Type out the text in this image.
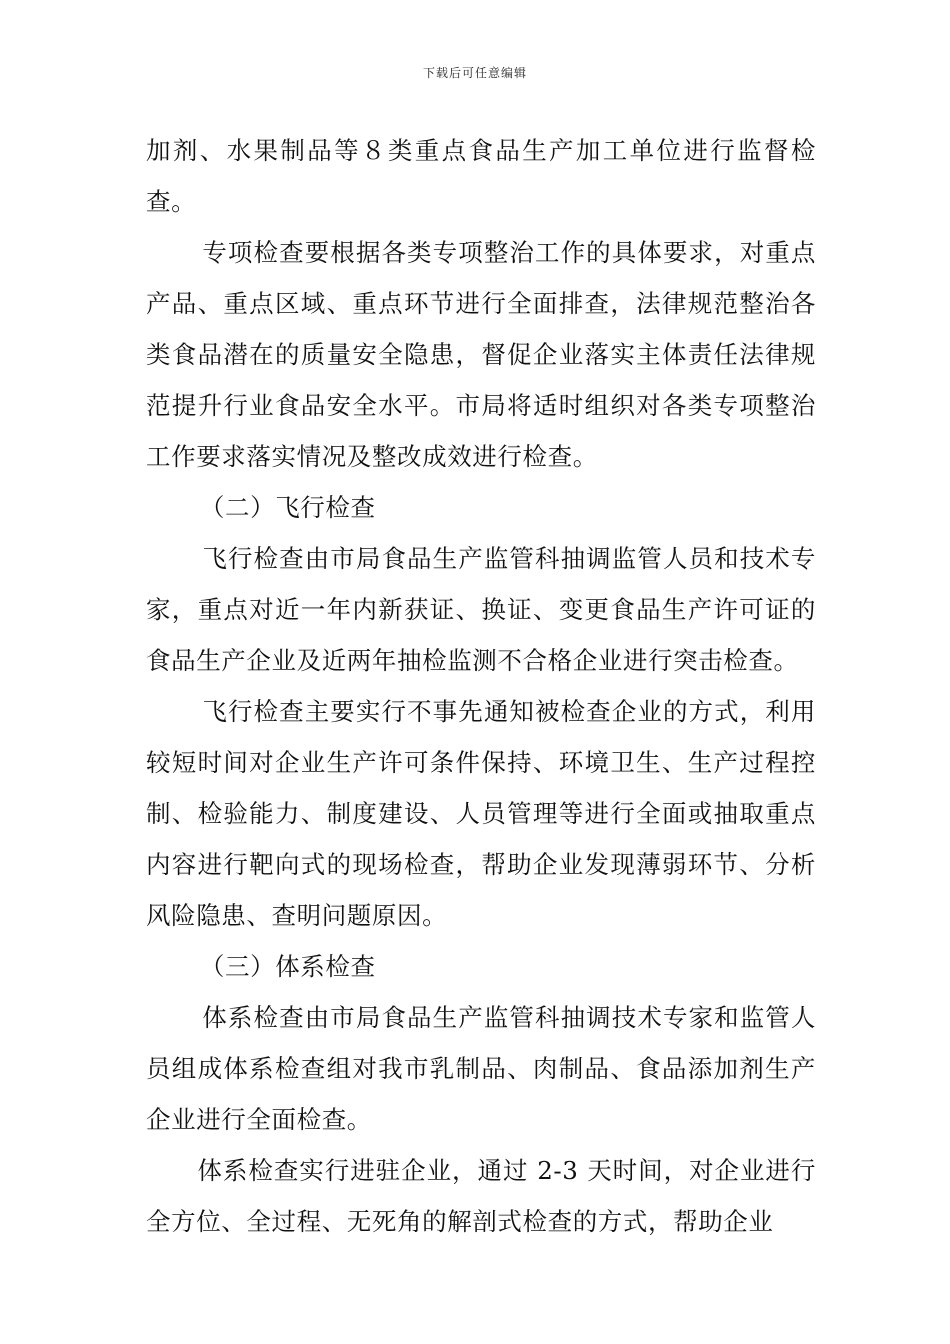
下载后可任意编辑

加剂、水果制品等８类重点食品生产加工单位进行监督检查。

专项检查要根据各类专项整治工作的具体要求，对重点产品、重点区域、重点环节进行全面排查，法律规范整治各类食品潜在的质量安全隐患，督促企业落实主体责任法律规范提升行业食品安全水平。市局将适时组织对各类专项整治工作要求落实情况及整改成效进行检查。

（二）飞行检查

飞行检查由市局食品生产监管科抽调监管人员和技术专家，重点对近一年内新获证、换证、变更食品生产许可证的食品生产企业及近两年抽检监测不合格企业进行突击检查。

飞行检查主要实行不事先通知被检查企业的方式，利用较短时间对企业生产许可条件保持、环境卫生、生产过程控制、检验能力、制度建设、人员管理等进行全面或抽取重点内容进行靶向式的现场检查，帮助企业发现薄弱环节、分析风险隐患、查明问题原因。

（三）体系检查

体系检查由市局食品生产监管科抽调技术专家和监管人员组成体系检查组对我市乳制品、肉制品、食品添加剂生产企业进行全面检查。

体系检查实行进驻企业，通过 2-3 天时间，对企业进行全方位、全过程、无死角的解剖式检查的方式，帮助企业
